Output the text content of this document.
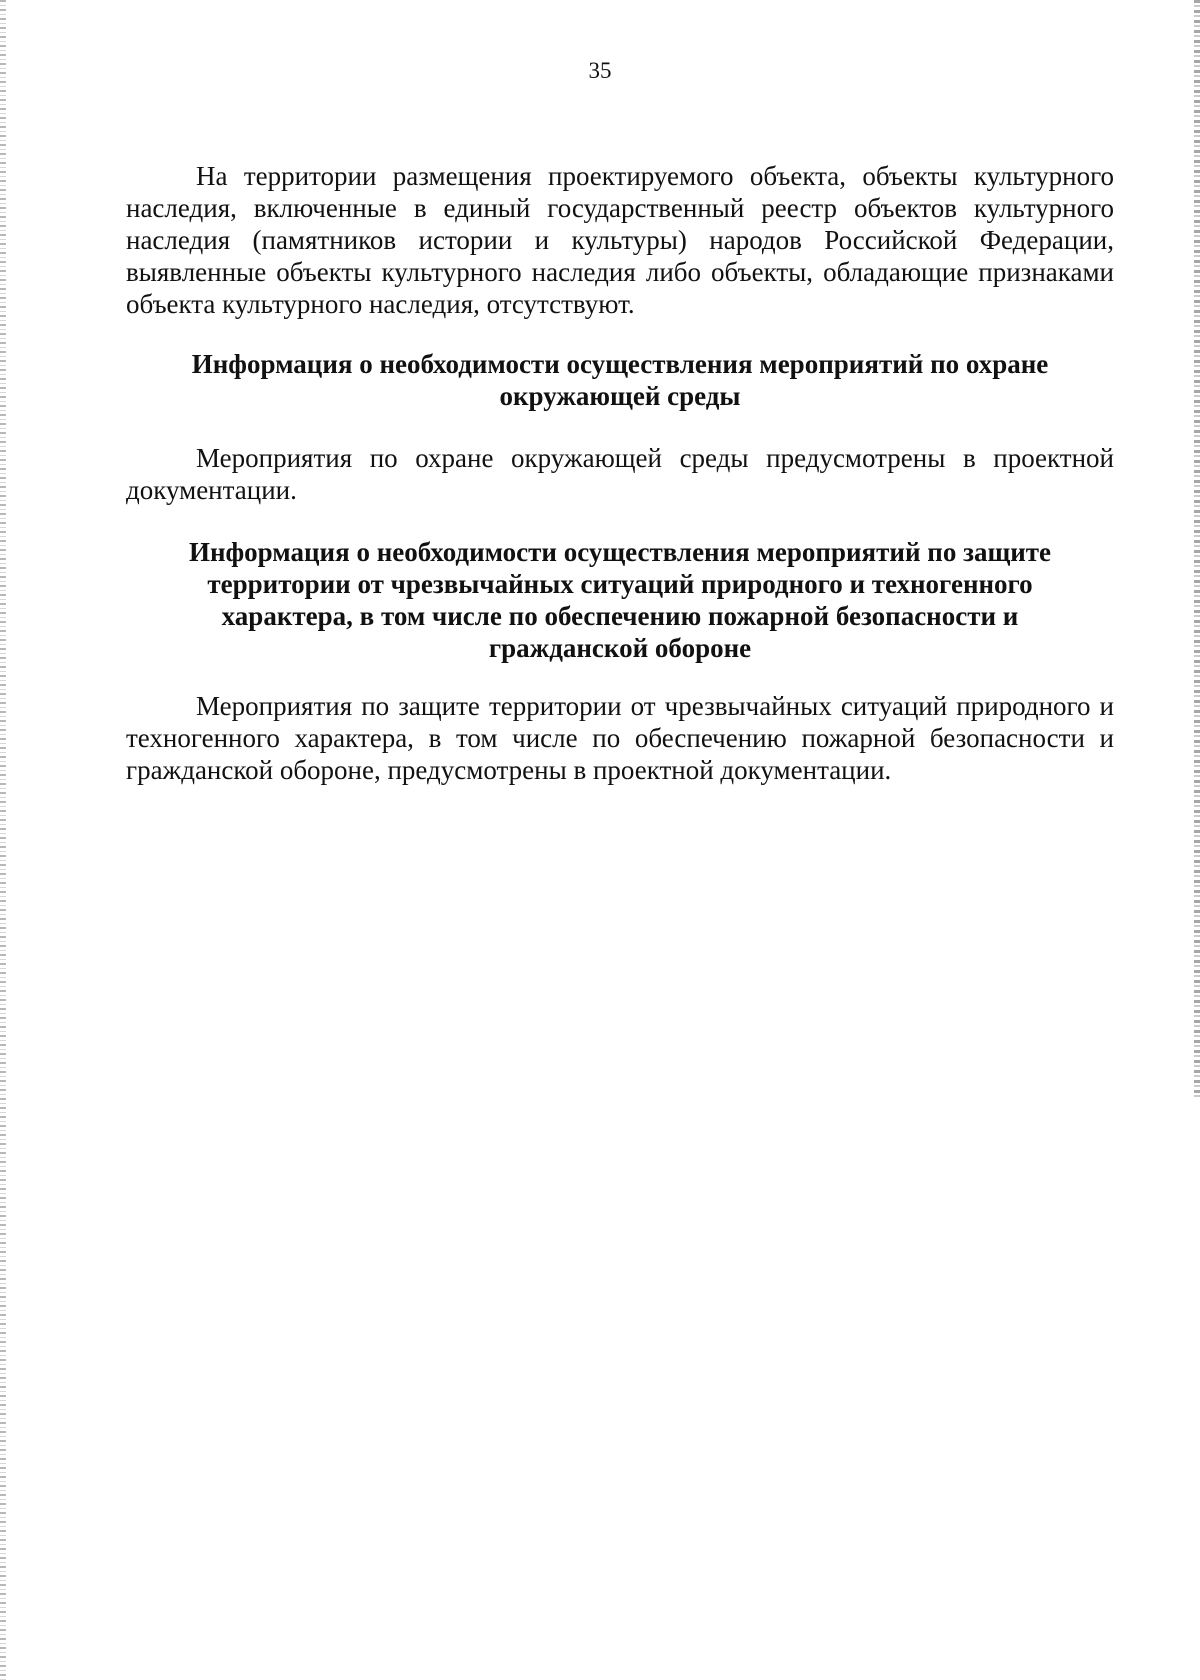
35

На территории размещения проектируемого объекта, объекты культурного наследия, включенные в единый государственный реестр объектов культурного наследия (памятников истории и культуры) народов Российской Федерации, выявленные объекты культурного наследия либо объекты, обладающие признаками объекта культурного наследия, отсутствуют.

Информация о необходимости осуществления мероприятий по охране

окружающей среды

Мероприятия по охране окружающей среды предусмотрены в проектной документации.

Информация о необходимости осуществления мероприятий по защите

территории от чрезвычайных ситуаций природного и техногенного

характера, в том числе по обеспечению пожарной безопасности и

гражданской обороне

Мероприятия по защите территории от чрезвычайных ситуаций природного и техногенного характера, в том числе по обеспечению пожарной безопасности и гражданской обороне, предусмотрены в проектной документации.
